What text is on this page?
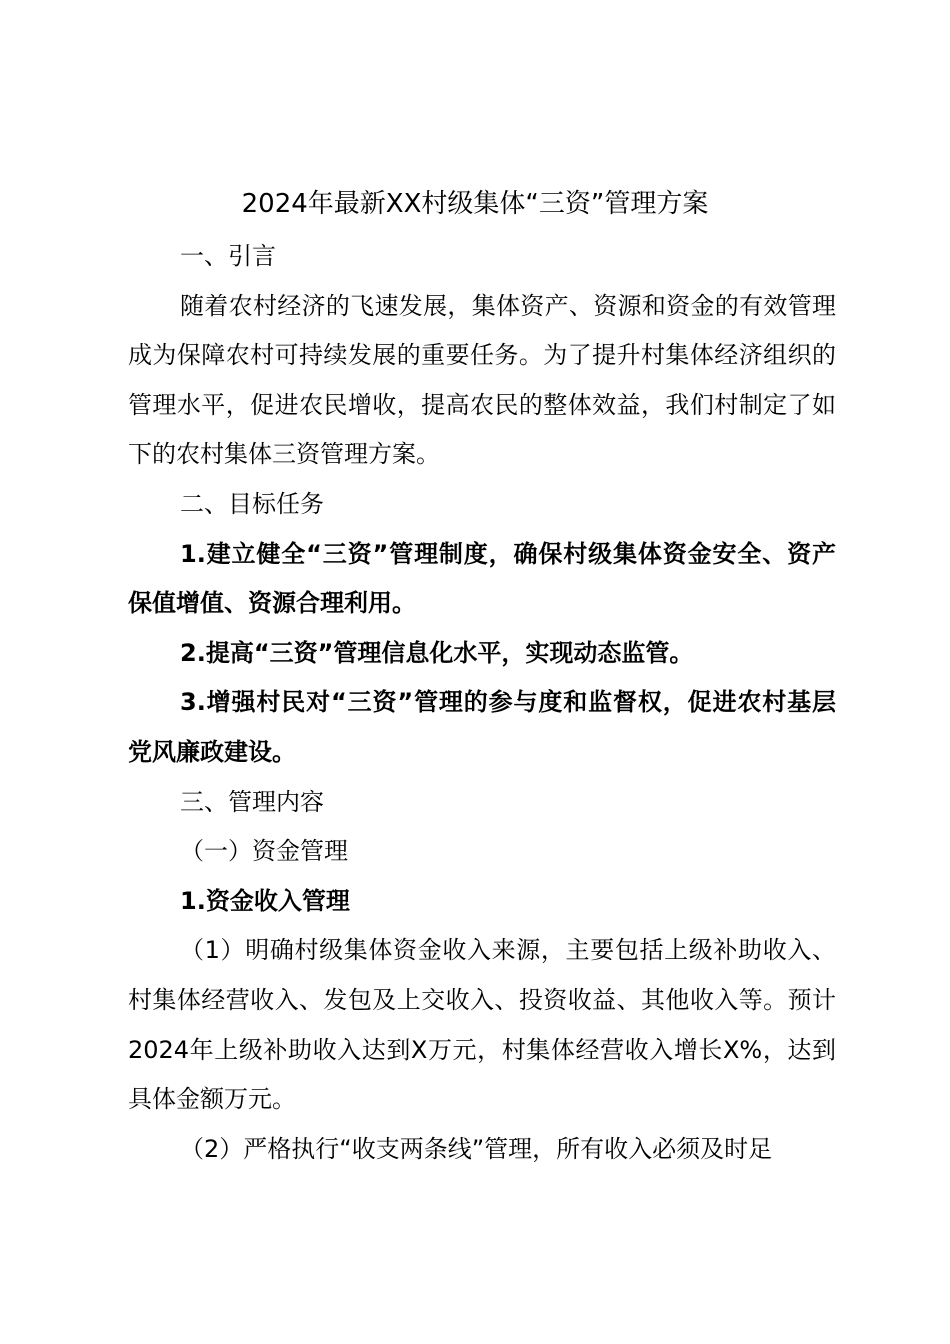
2024年最新XX村级集体“三资”管理方案

一、引言

随着农村经济的飞速发展，集体资产、资源和资金的有效管理成为保障农村可持续发展的重要任务。为了提升村集体经济组织的管理水平，促进农民增收，提高农民的整体效益，我们村制定了如下的农村集体三资管理方案。

二、目标任务

1.建立健全“三资”管理制度，确保村级集体资金安全、资产保值增值、资源合理利用。

2.提高“三资”管理信息化水平，实现动态监管。

3.增强村民对“三资”管理的参与度和监督权，促进农村基层党风廉政建设。

三、管理内容

（一）资金管理

1.资金收入管理

（1）明确村级集体资金收入来源，主要包括上级补助收入、村集体经营收入、发包及上交收入、投资收益、其他收入等。预计2024年上级补助收入达到X万元，村集体经营收入增长X%，达到具体金额万元。

（2）严格执行“收支两条线”管理，所有收入必须及时足
